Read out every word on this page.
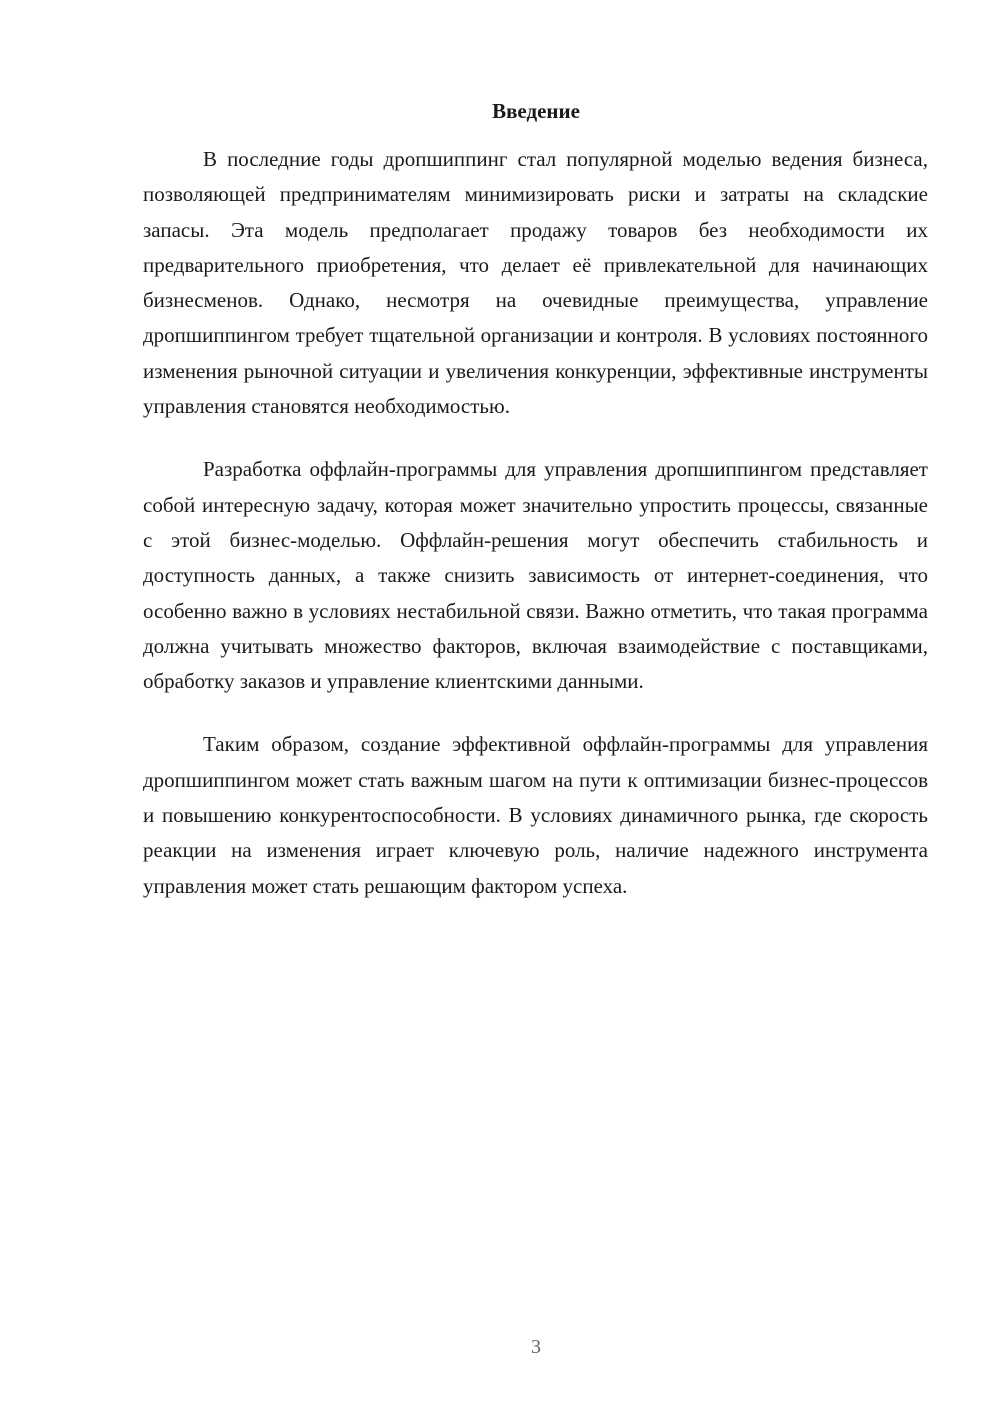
Введение

В последние годы дропшиппинг стал популярной моделью ведения бизнеса, позволяющей предпринимателям минимизировать риски и затраты на складские запасы. Эта модель предполагает продажу товаров без необходимости их предварительного приобретения, что делает её привлекательной для начинающих бизнесменов. Однако, несмотря на очевидные преимущества, управление дропшиппингом требует тщательной организации и контроля. В условиях постоянного изменения рыночной ситуации и увеличения конкуренции, эффективные инструменты управления становятся необходимостью.

Разработка оффлайн-программы для управления дропшиппингом представляет собой интересную задачу, которая может значительно упростить процессы, связанные с этой бизнес-моделью. Оффлайн-решения могут обеспечить стабильность и доступность данных, а также снизить зависимость от интернет-соединения, что особенно важно в условиях нестабильной связи. Важно отметить, что такая программа должна учитывать множество факторов, включая взаимодействие с поставщиками, обработку заказов и управление клиентскими данными.

Таким образом, создание эффективной оффлайн-программы для управления дропшиппингом может стать важным шагом на пути к оптимизации бизнес-процессов и повышению конкурентоспособности. В условиях динамичного рынка, где скорость реакции на изменения играет ключевую роль, наличие надежного инструмента управления может стать решающим фактором успеха.

3
